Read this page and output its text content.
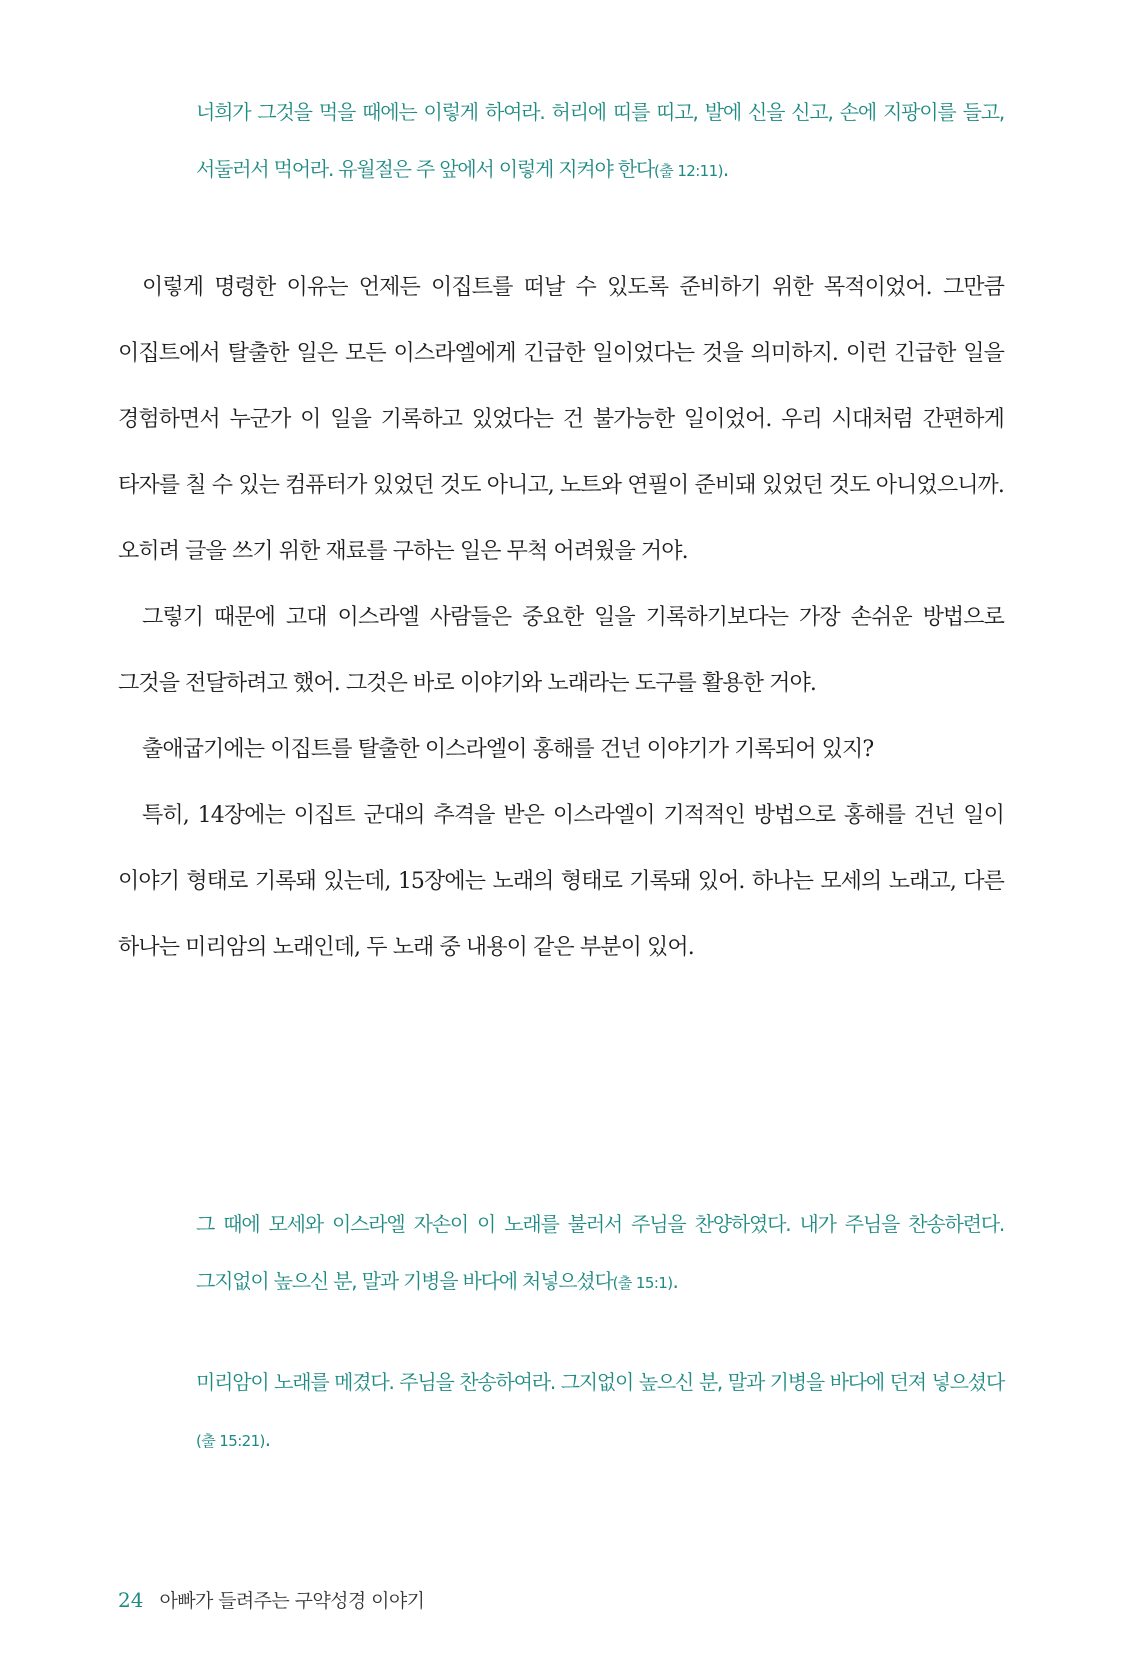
너희가 그것을 먹을 때에는 이렇게 하여라. 허리에 띠를 띠고, 발에 신을 신고, 손에 지팡이를 들고, 서둘러서 먹어라. 유월절은 주 앞에서 이렇게 지켜야 한다(출 12:11).

이렇게 명령한 이유는 언제든 이집트를 떠날 수 있도록 준비하기 위한 목적이었어. 그만큼 이집트에서 탈출한 일은 모든 이스라엘에게 긴급한 일이었다는 것을 의미하지. 이런 긴급한 일을 경험하면서 누군가 이 일을 기록하고 있었다는 건 불가능한 일이었어. 우리 시대처럼 간편하게 타자를 칠 수 있는 컴퓨터가 있었던 것도 아니고, 노트와 연필이 준비돼 있었던 것도 아니었으니까. 오히려 글을 쓰기 위한 재료를 구하는 일은 무척 어려웠을 거야.

그렇기 때문에 고대 이스라엘 사람들은 중요한 일을 기록하기보다는 가장 손쉬운 방법으로 그것을 전달하려고 했어. 그것은 바로 이야기와 노래라는 도구를 활용한 거야.

출애굽기에는 이집트를 탈출한 이스라엘이 홍해를 건넌 이야기가 기록되어 있지?

특히, 14장에는 이집트 군대의 추격을 받은 이스라엘이 기적적인 방법으로 홍해를 건넌 일이 이야기 형태로 기록돼 있는데, 15장에는 노래의 형태로 기록돼 있어. 하나는 모세의 노래고, 다른 하나는 미리암의 노래인데, 두 노래 중 내용이 같은 부분이 있어.

그 때에 모세와 이스라엘 자손이 이 노래를 불러서 주님을 찬양하였다. 내가 주님을 찬송하련다. 그지없이 높으신 분, 말과 기병을 바다에 처넣으셨다(출 15:1).

미리암이 노래를 메겼다. 주님을 찬송하여라. 그지없이 높으신 분, 말과 기병을 바다에 던져 넣으셨다(출 15:21).

24 아빠가 들려주는 구약성경 이야기
